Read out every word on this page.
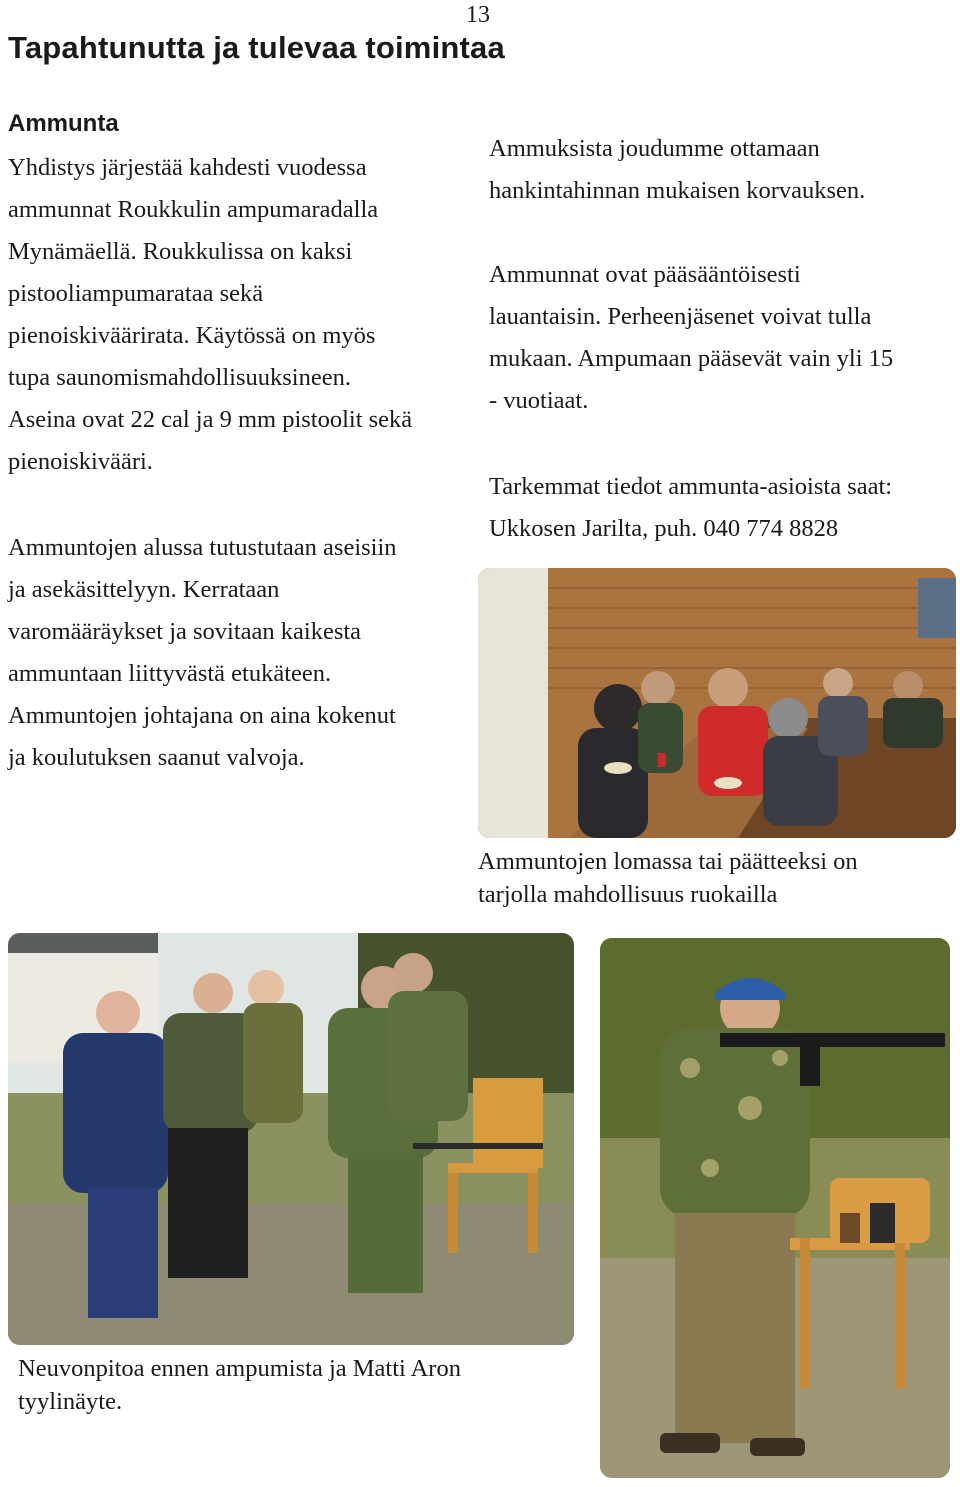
13
Tapahtunutta ja tulevaa toimintaa
Ammunta

Yhdistys järjestää kahdesti vuodessa

ammunnat Roukkulin ampumaradalla

Mynämäellä. Roukkulissa on kaksi

pistooliampumarataa sekä

pienoiskiväärirata. Käytössä on myös

tupa saunomismahdollisuuksineen.

Aseina ovat 22 cal ja 9 mm pistoolit sekä

pienoiskivääri.

Ammuntojen alussa tutustutaan aseisiin

ja asekäsittelyyn. Kerrataan

varomääräykset ja sovitaan kaikesta

ammuntaan liittyvästä etukäteen.

Ammuntojen johtajana on aina kokenut

ja koulutuksen saanut valvoja.

Ammuksista joudumme ottamaan

hankintahinnan mukaisen korvauksen.

Ammunnat ovat pääsääntöisesti

lauantaisin. Perheenjäsenet voivat tulla

mukaan. Ampumaan pääsevät vain yli 15

- vuotiaat.

Tarkemmat tiedot ammunta-asioista saat:

Ukkosen Jarilta, puh. 040 774 8828

Ammuntojen lomassa tai päätteeksi on
tarjolla mahdollisuus ruokailla
Neuvonpitoa ennen ampumista ja Matti Aron
tyylinäyte.
